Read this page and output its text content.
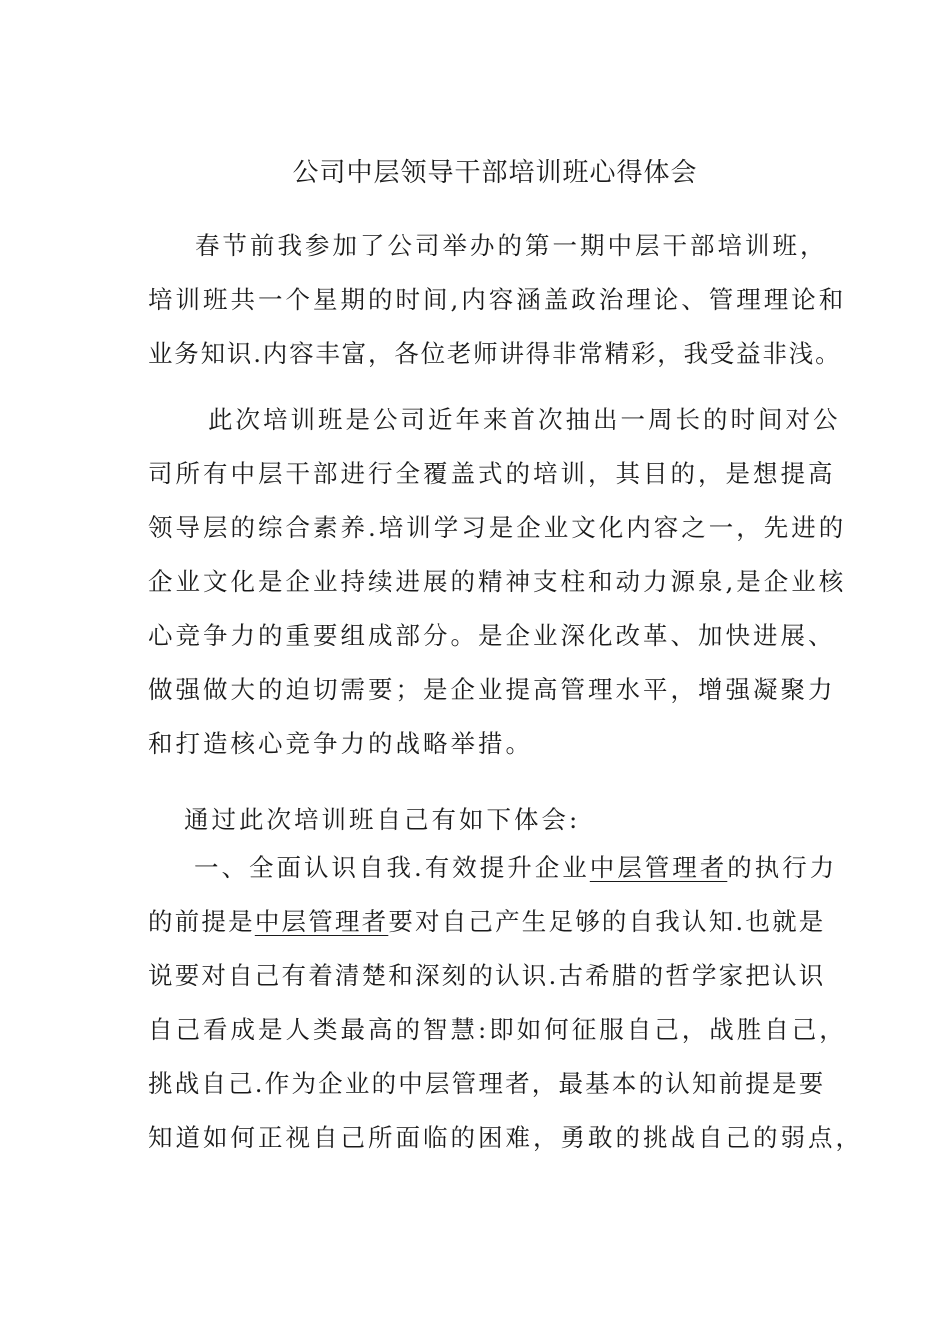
公司中层领导干部培训班心得体会
春节前我参加了公司举办的第一期中层干部培训班，
培训班共一个星期的时间,内容涵盖政治理论、管理理论和
业务知识.内容丰富，各位老师讲得非常精彩，我受益非浅。
此次培训班是公司近年来首次抽出一周长的时间对公
司所有中层干部进行全覆盖式的培训，其目的，是想提高
领导层的综合素养.培训学习是企业文化内容之一，先进的
企业文化是企业持续进展的精神支柱和动力源泉,是企业核
心竞争力的重要组成部分。是企业深化改革、加快进展、
做强做大的迫切需要；是企业提高管理水平，增强凝聚力
和打造核心竞争力的战略举措。
通过此次培训班自己有如下体会:
一、全面认识自我.有效提升企业中层管理者的执行力
的前提是中层管理者要对自己产生足够的自我认知.也就是
说要对自己有着清楚和深刻的认识.古希腊的哲学家把认识
自己看成是人类最高的智慧:即如何征服自己，战胜自己，
挑战自己.作为企业的中层管理者，最基本的认知前提是要
知道如何正视自己所面临的困难，勇敢的挑战自己的弱点，
